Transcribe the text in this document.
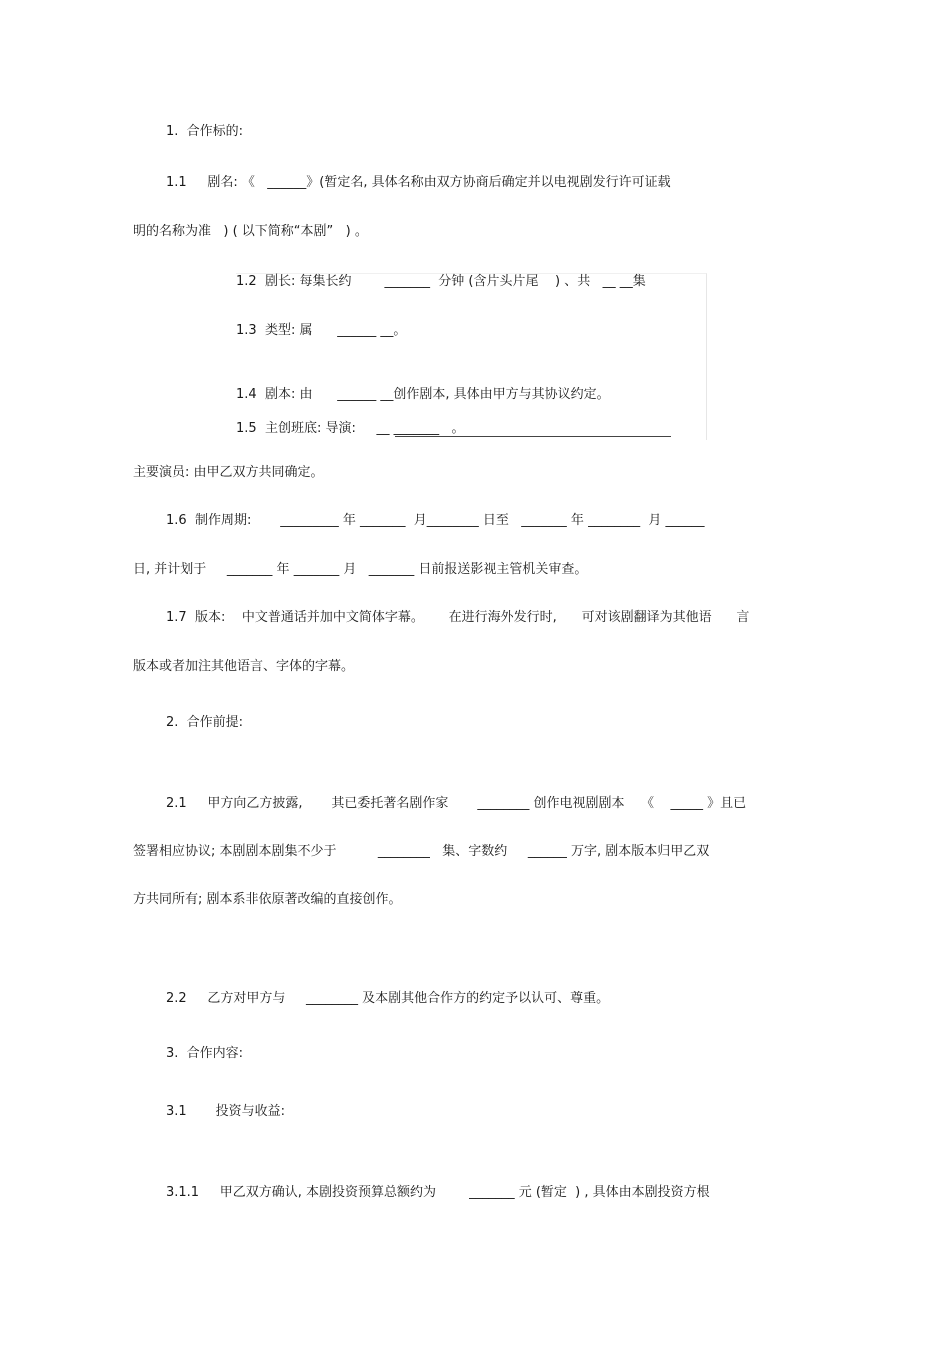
1.  合作标的:
1.1     剧名: 《   ______》(暂定名, 具体名称由双方协商后确定并以电视剧发行许可证载
明的名称为准   ) ( 以下简称“本剧”   ) 。
1.2  剧长: 每集长约        _______  分钟 (含片头片尾    ) 、共   __ __集
1.3  类型: 属      ______ __。
1.4  剧本: 由      ______ __创作剧本, 具体由甲方与其协议约定。
1.5  主创班底: 导演:     __ _______   。
主要演员: 由甲乙双方共同确定。
1.6  制作周期:       _________ 年 _______  月________ 日至   _______ 年 ________  月 ______
日, 并计划于     _______ 年 _______ 月   _______ 日前报送影视主管机关审查。
1.7  版本:    中文普通话并加中文简体字幕。      在进行海外发行时,      可对该剧翻译为其他语      言
版本或者加注其他语言、字体的字幕。
2.  合作前提:
2.1     甲方向乙方披露,       其已委托著名剧作家       ________ 创作电视剧剧本    《    _____ 》且已
签署相应协议; 本剧剧本剧集不少于          ________   集、字数约     ______ 万字, 剧本版本归甲乙双
方共同所有; 剧本系非依原著改编的直接创作。
2.2     乙方对甲方与     ________ 及本剧其他合作方的约定予以认可、尊重。
3.  合作内容:
3.1       投资与收益:
3.1.1     甲乙双方确认, 本剧投资预算总额约为        _______ 元 (暂定  ) , 具体由本剧投资方根
